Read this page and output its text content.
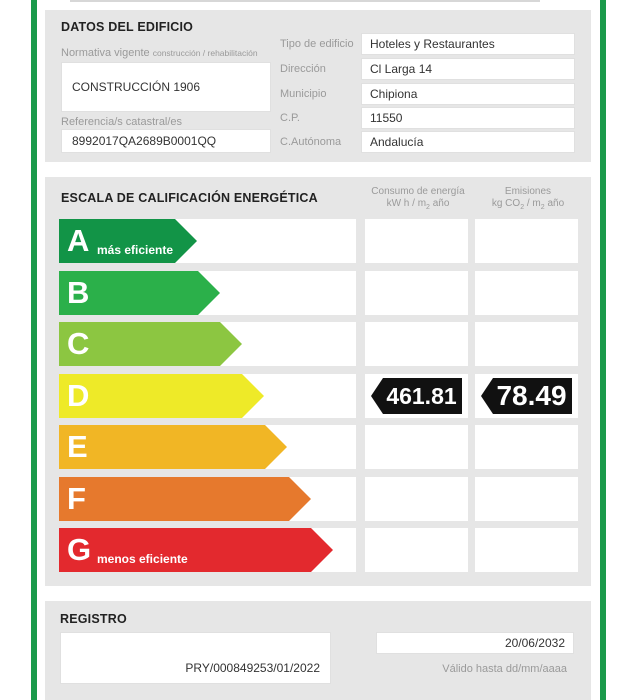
DATOS DEL EDIFICIO
Normativa vigente construcción / rehabilitación
CONSTRUCCIÓN 1906
Referencia/s catastral/es
8992017QA2689B0001QQ
Tipo de edificio	Hoteles y Restaurantes
Dirección	Cl Larga 14
Municipio	Chipiona
C.P.	11550
C.Autónoma	Andalucía
ESCALA DE CALIFICACIÓN ENERGÉTICA	Consumo de energía
kW h / $m_2$ año
Emisiones
kg $CO_2 / m_2$ año
A más eficiente
B
C
D	461.81 78.49
E
F
G menos eficiente
REGISTRO
PRY/000849253/01/2022
20/06/2032
Válido hasta dd/mm/aaaa
